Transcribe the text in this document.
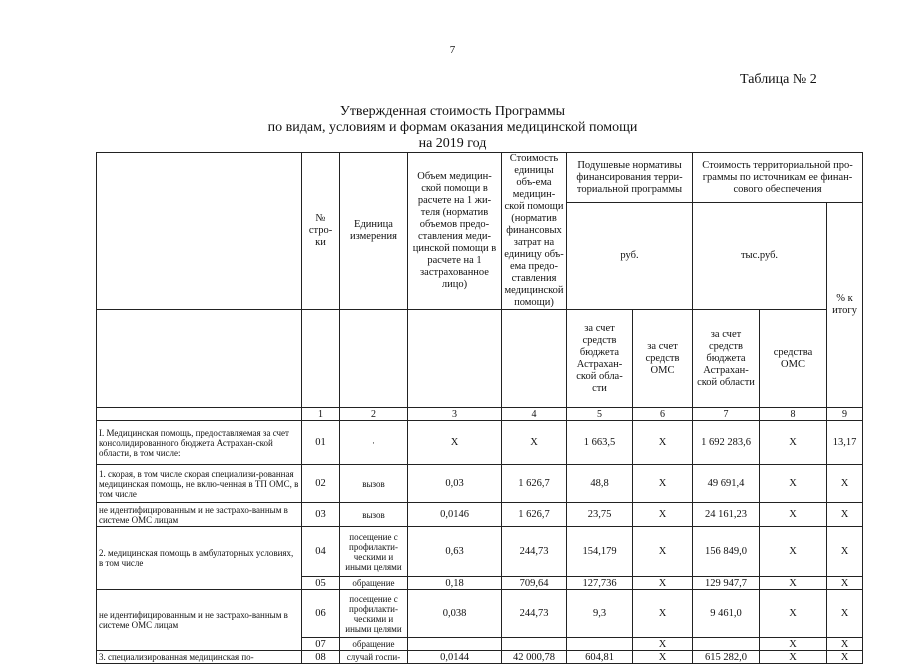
7
Таблица № 2
Утвержденная стоимость Программы
по видам, условиям и формам оказания медицинской помощи
на 2019 год
	№ стро-ки	Единица измерения	Объем медицин-ской помощи в расчете на 1 жи-теля (норматив объемов предо-ставления меди-цинской помощи в расчете на 1 застрахованное лицо)	Стоимость единицы объ-ема медицин-ской помощи (норматив финансовых затрат на единицу объ-ема предо-ставления медицинской помощи)	Подушевые нормативы финансирования терри-ториальной программы		Стоимость территориальной про-граммы по источникам ее финан-сового обеспечения		
					руб.		тыс.руб.		% к итогу
					за счет средств бюджета Астрахан-ской обла-сти	за счет средств ОМС	за счет средств бюджета Астрахан-ской области	средства ОМС	
	1	2	3	4	5	6	7	8	9
I. Медицинская помощь, предоставляемая за счет консолидированного бюджета Астрахан-ской области, в том числе:	01	·	Х	Х	1 663,5	Х	1 692 283,6	Х	13,17
1. скорая, в том числе скорая специализи-рованная медицинская помощь, не вклю-ченная в ТП ОМС, в том числе	02	вызов	0,03	1 626,7	48,8	Х	49 691,4	Х	Х
не идентифицированным и не застрахо-ванным в системе ОМС лицам	03	вызов	0,0146	1 626,7	23,75	Х	24 161,23	Х	Х
2. медицинская помощь в амбулаторных условиях, в том числе	04	посещение с профилакти-ческими и иными целями	0,63	244,73	154,179	Х	156 849,0	Х	Х
	05	обращение	0,18	709,64	127,736	Х	129 947,7	Х	Х
не идентифицированным и не застрахо-ванным в системе ОМС лицам	06	посещение с профилакти-ческими и иными целями	0,038	244,73	9,3	Х	9 461,0	Х	Х
	07	обращение				Х		Х	Х
3. специализированная медицинская по-	08	случай госпи-	0,0144	42 000,78	604,81	Х	615 282,0	Х	Х
